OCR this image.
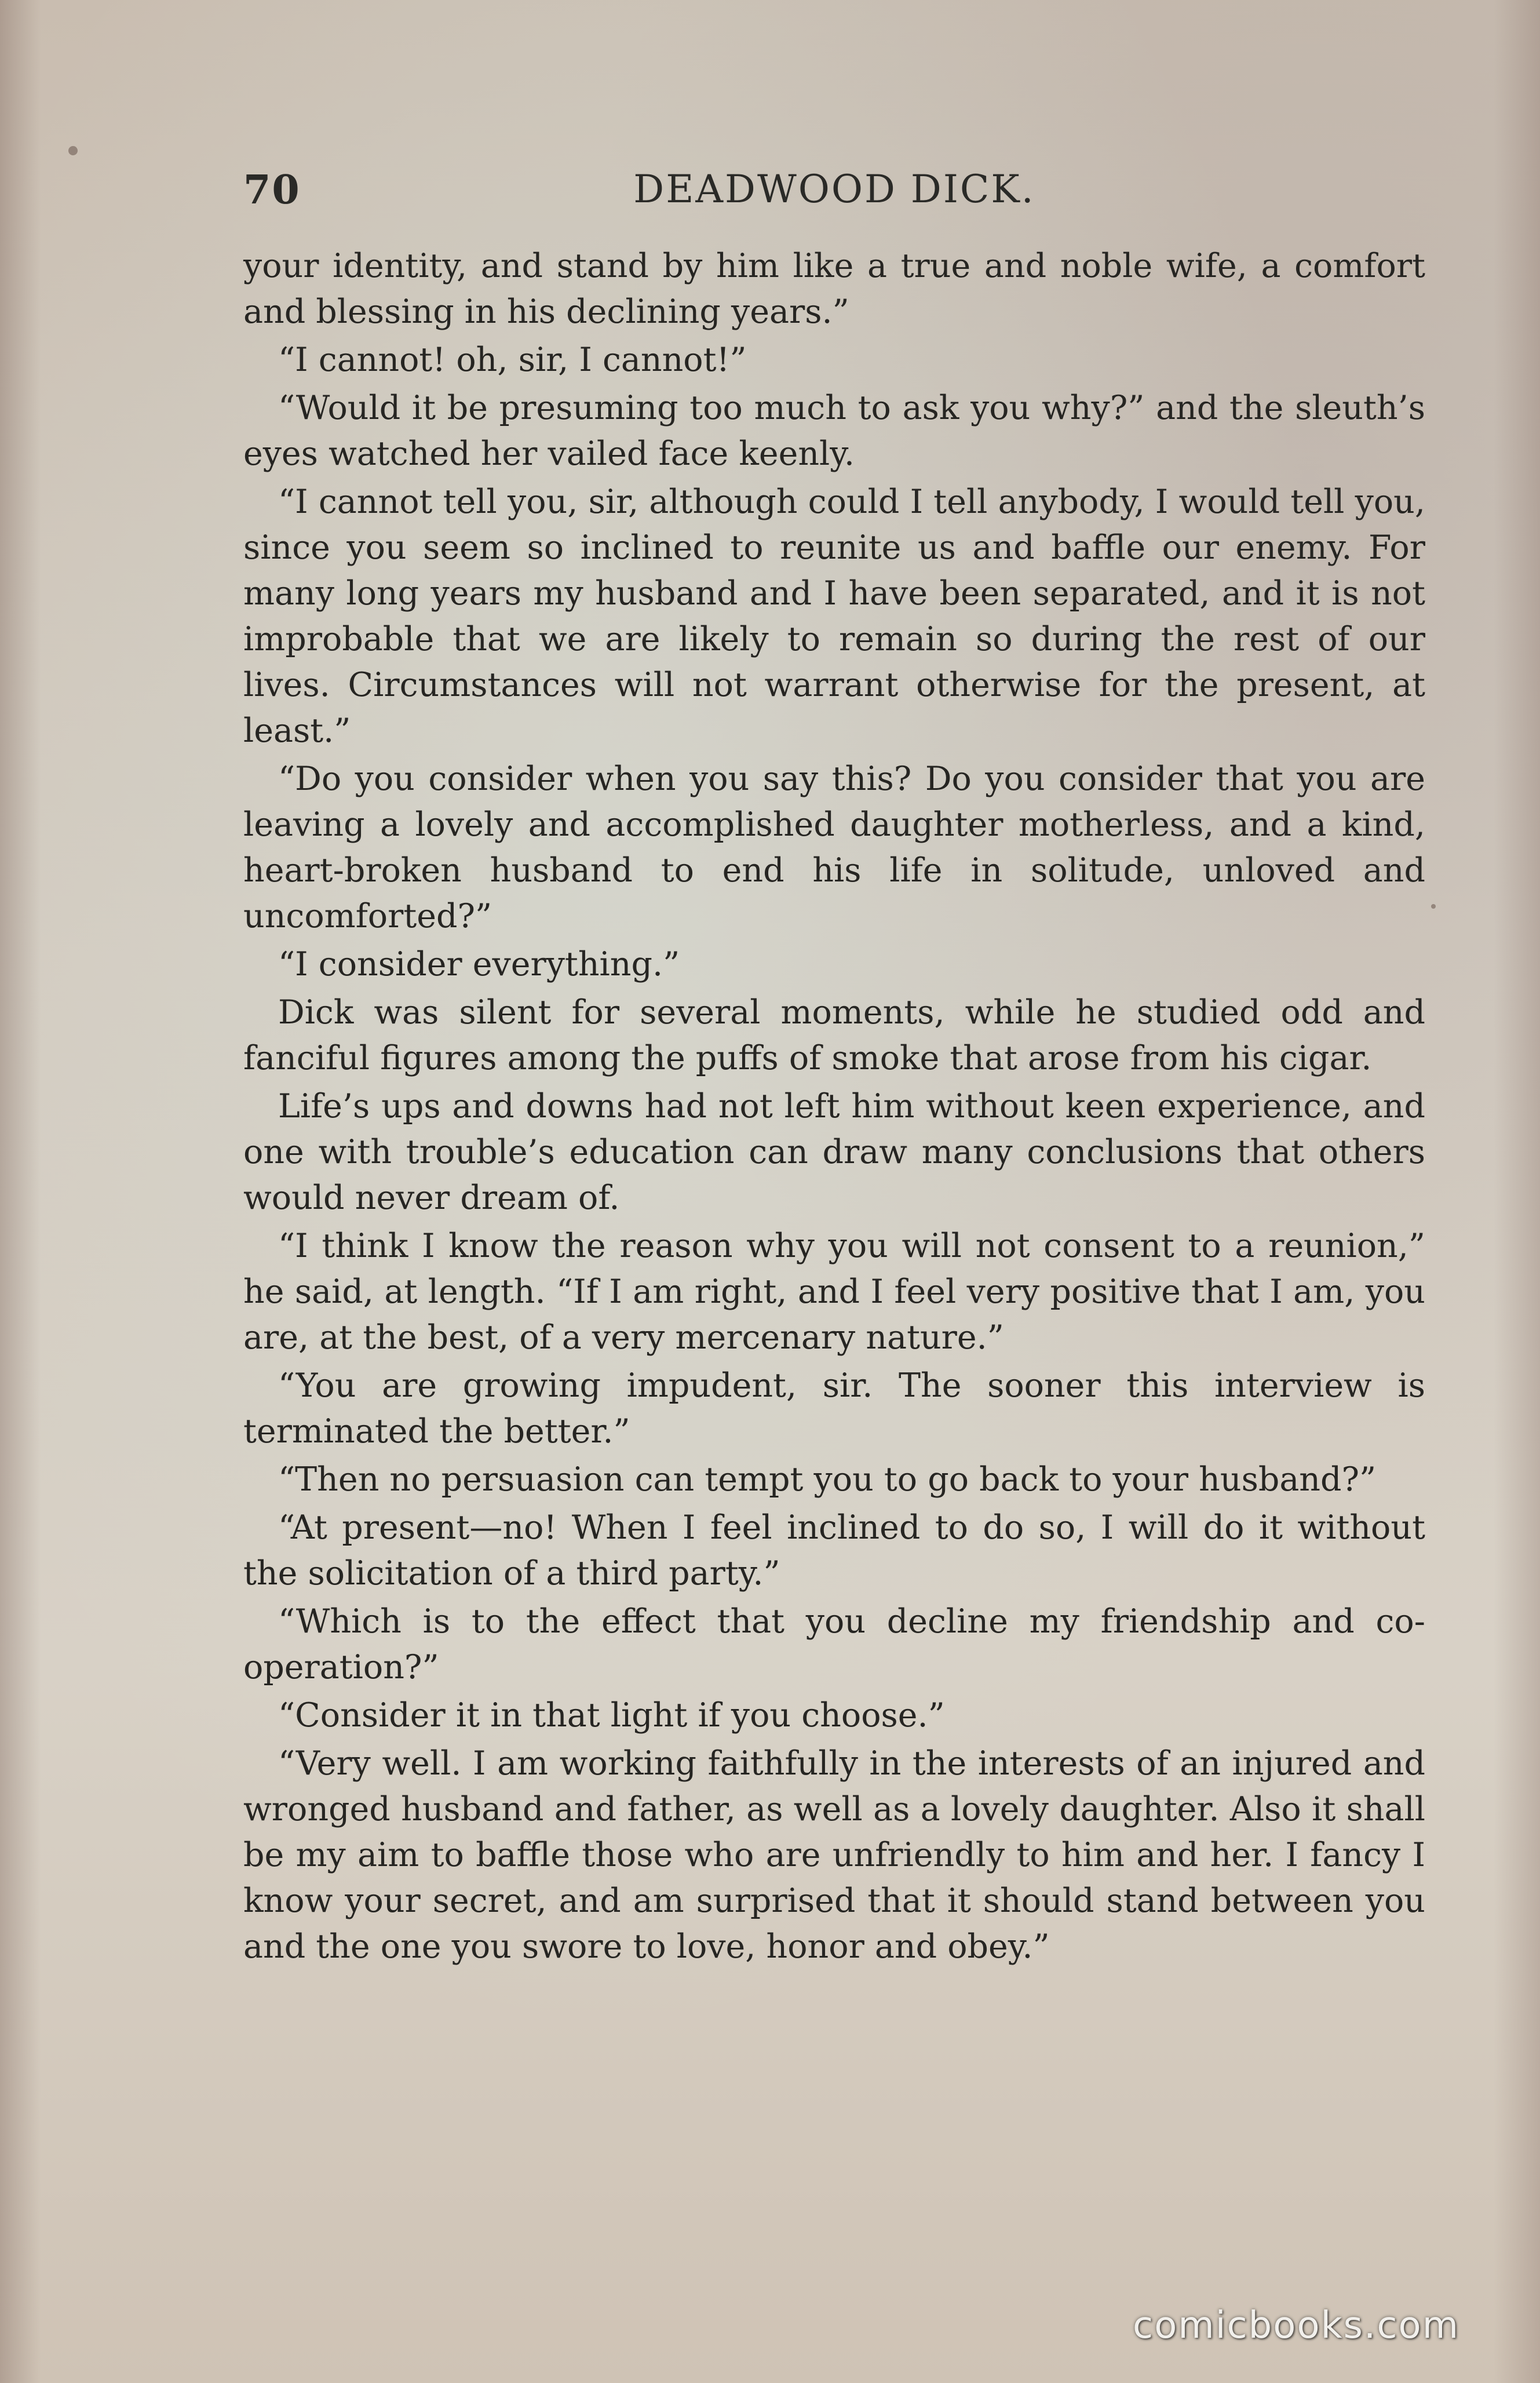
70	DEADWOOD DICK.

your identity, and stand by him like a true and noble wife, a comfort and blessing in his declining years.”

“I cannot! oh, sir, I cannot!”

“Would it be presuming too much to ask you why?” and the sleuth’s eyes watched her vailed face keenly.

“I cannot tell you, sir, although could I tell anybody, I would tell you, since you seem so inclined to reunite us and baffle our enemy. For many long years my husband and I have been separated, and it is not improbable that we are likely to remain so during the rest of our lives. Circumstances will not warrant otherwise for the present, at least.”

“Do you consider when you say this? Do you consider that you are leaving a lovely and accomplished daughter motherless, and a kind, heart-broken husband to end his life in solitude, unloved and uncomforted?”

“I consider everything.”

Dick was silent for several moments, while he studied odd and fanciful figures among the puffs of smoke that arose from his cigar.

Life’s ups and downs had not left him without keen experience, and one with trouble’s education can draw many conclusions that others would never dream of.

“I think I know the reason why you will not consent to a reunion,” he said, at length. “If I am right, and I feel very positive that I am, you are, at the best, of a very mercenary nature.”

“You are growing impudent, sir. The sooner this interview is terminated the better.”

“Then no persuasion can tempt you to go back to your husband?”

“At present—no! When I feel inclined to do so, I will do it without the solicitation of a third party.”

“Which is to the effect that you decline my friendship and co-operation?”

“Consider it in that light if you choose.”

“Very well. I am working faithfully in the interests of an injured and wronged husband and father, as well as a lovely daughter. Also it shall be my aim to baffle those who are unfriendly to him and her. I fancy I know your secret, and am surprised that it should stand between you and the one you swore to love, honor and obey.”

comicbooks.com
